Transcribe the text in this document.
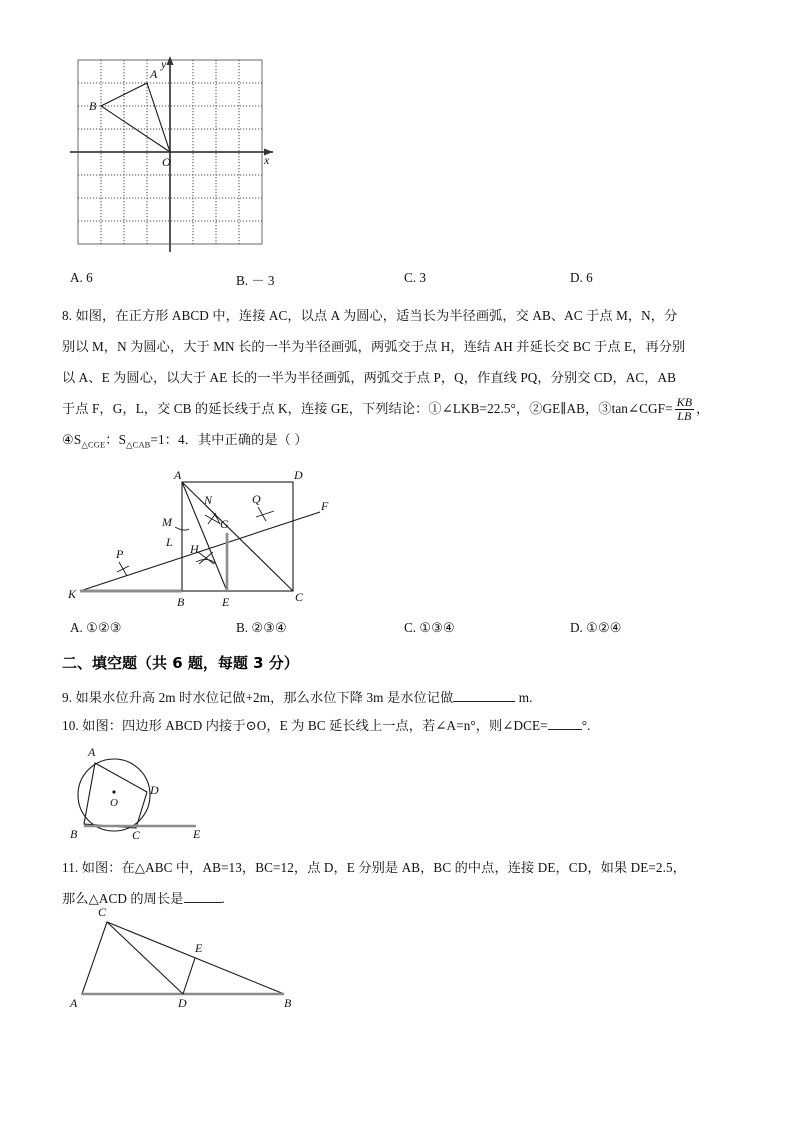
A
B
O	x
y
A. 6	B. － 3	C. 3	D. 6
8. 如图，在正方形 ABCD 中，连接 AC，以点 A 为圆心，适当长为半径画弧，交 AB、AC 于点 M，N，分
别以 M，N 为圆心，大于 MN 长的一半为半径画弧，两弧交于点 H，连结 AH 并延长交 BC 于点 E，再分别
以 A、E 为圆心，以大于 AE 长的一半为半径画弧，两弧交于点 P，Q，作直线 PQ，分别交 CD，AC，AB
于点 F，G，L，交 CB 的延长线于点 K，连接 GE，下列结论：①∠LKB=22.5°，②GE∥AB，③tan∠CGF= $\frac{KB}{LB}$ ，
$④S_{\triangle CGE}$：$S_{\triangle CAB}=1$：4．其中正确的是（ ）
A	D
N	Q	F
M	G
P
L H
K
B	E	C
A. ①②③	B. ②③④	C. ①③④	D. ①②④
二、填空题（共 6 题，每题 3 分）
9. 如果水位升高 2m 时水位记做+2m，那么水位下降 3m 是水位记做	m.
10. 如图：四边形 ABCD 内接于⊙O，E 为 BC 延长线上一点，若∠A=n°，则∠DCE=	°.
O
A
D
B	C	E
11. 如图：在△ABC 中，AB=13，BC=12，点 D，E 分别是 AB，BC 的中点，连接 DE，CD，如果 DE=2.5，
那么△ACD 的周长是	.
C
E
A	D	B
